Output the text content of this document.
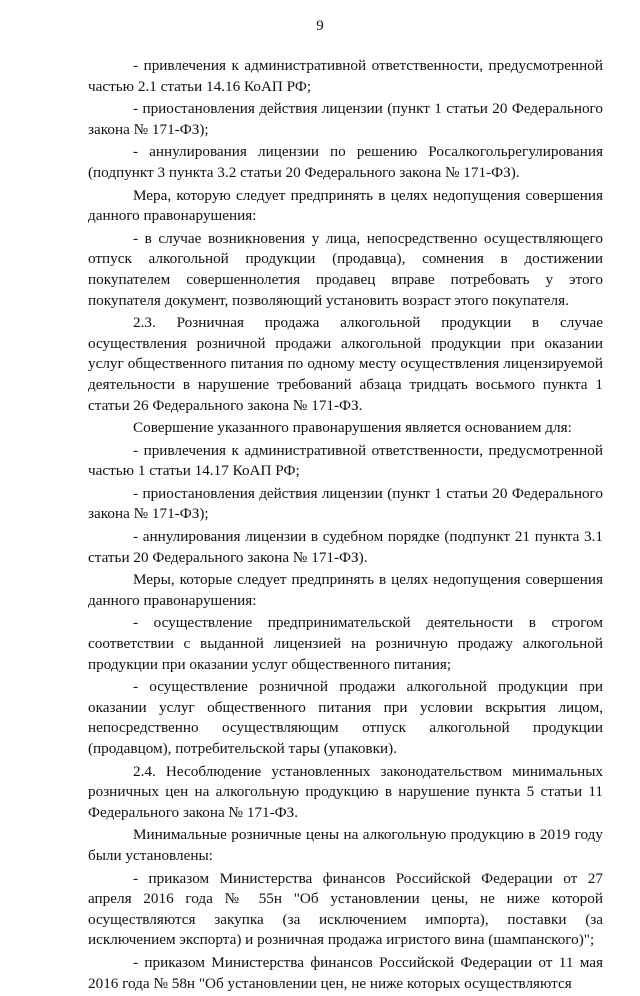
9

- привлечения к административной ответственности, предусмотренной частью 2.1 статьи 14.16 КоАП РФ;

- приостановления действия лицензии (пункт 1 статьи 20 Федерального закона № 171-ФЗ);

- аннулирования лицензии по решению Росалкогольрегулирования (подпункт 3 пункта 3.2 статьи 20 Федерального закона № 171-ФЗ).

Мера, которую следует предпринять в целях недопущения совершения данного правонарушения:

- в случае возникновения у лица, непосредственно осуществляющего отпуск алкогольной продукции (продавца), сомнения в достижении покупателем совершеннолетия продавец вправе потребовать у этого покупателя документ, позволяющий установить возраст этого покупателя.

2.3. Розничная продажа алкогольной продукции в случае осуществления розничной продажи алкогольной продукции при оказании услуг общественного питания по одному месту осуществления лицензируемой деятельности в нарушение требований абзаца тридцать восьмого пункта 1 статьи 26 Федерального закона № 171-ФЗ.

Совершение указанного правонарушения является основанием для:

- привлечения к административной ответственности, предусмотренной частью 1 статьи 14.17 КоАП РФ;

- приостановления действия лицензии (пункт 1 статьи 20 Федерального закона № 171-ФЗ);

- аннулирования лицензии в судебном порядке (подпункт 21 пункта 3.1 статьи 20 Федерального закона № 171-ФЗ).

Меры, которые следует предпринять в целях недопущения совершения данного правонарушения:

- осуществление предпринимательской деятельности в строгом соответствии с выданной лицензией на розничную продажу алкогольной продукции при оказании услуг общественного питания;

- осуществление розничной продажи алкогольной продукции при оказании услуг общественного питания при условии вскрытия лицом, непосредственно осуществляющим отпуск алкогольной продукции (продавцом), потребительской тары (упаковки).

2.4. Несоблюдение установленных законодательством минимальных розничных цен на алкогольную продукцию в нарушение пункта 5 статьи 11 Федерального закона № 171-ФЗ.

Минимальные розничные цены на алкогольную продукцию в 2019 году были установлены:

- приказом Министерства финансов Российской Федерации от 27 апреля 2016 года № 55н "Об установлении цены, не ниже которой осуществляются закупка (за исключением импорта), поставки (за исключением экспорта) и розничная продажа игристого вина (шампанского)";

- приказом Министерства финансов Российской Федерации от 11 мая 2016 года № 58н "Об установлении цен, не ниже которых осуществляются
